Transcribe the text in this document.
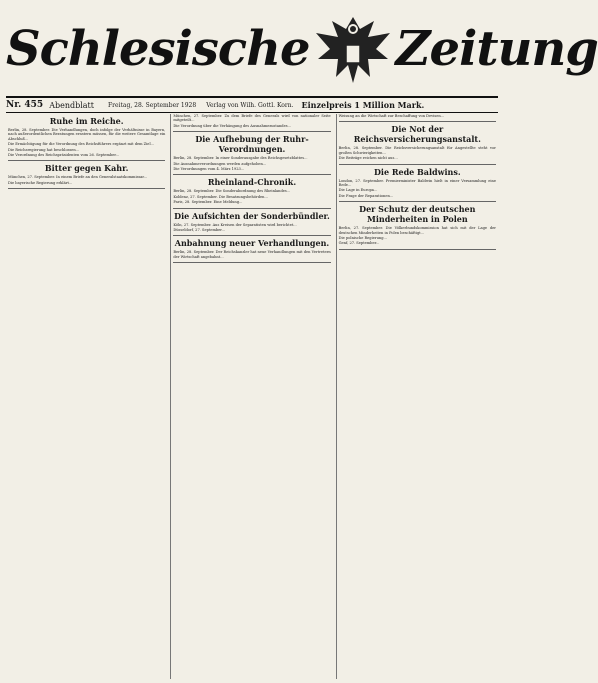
Schlesische Zeitung
Nr. 455 Abendblatt Freitag, 28. September 1928 Verlag von Wilh. Gottl. Korn. Einzelpreis 1 Million Mark.
Ruhe im Reiche.
Berlin, 28. September. Die Verhandlungen, doch infolge der Verhältnisse in Bayern, nach außerordentlichen Beratungen ernstern müssen, für die weitere Gesamtlage ein Abschluß...
Die Ermächtigung für die Verordnung des Reichsführers ergänzt mit dem Ziel...
Die Reichsregierung hat beschlossen...
Die Verordnung des Reichspräsidenten vom 26. September...
Bitter gegen Kahr.
München, 27. September. In einem Briefe an den Generalstaatskommissar...
Die bayerische Regierung erklärt...
München, 27. September. Zu dem Briefe des Generals wird von nationaler Seite mitgeteilt...
Die Verordnung über die Verhängung des Ausnahmezustandes...
Die Aufhebung der Ruhr-Verordnungen.
Berlin, 28. September. In einer Sonderausgabe des Reichsgesetzblattes...
Die Ausnahmeverordnungen werden aufgehoben...
Die Verordnungen vom 4. März 1923...
Rheinland-Chronik.
Berlin, 28. September. Die Sonderabordnung des Rheinlandes...
Koblenz, 27. September. Die Besatzungsbehörden...
Paris, 28. September. Eine Meldung...
Die Aufsichten der Sonderbündler.
Köln, 27. September. Aus Kreisen der Separatisten wird berichtet...
Düsseldorf, 27. September...
Anbahnung neuer Verhandlungen.
Berlin, 28. September. Der Reichskanzler hat neue Verhandlungen mit den Vertretern der Wirtschaft angebahnt...
Weisung an die Wirtschaft zur Beschaffung von Devisen...
Die Not der Reichsversicherungsanstalt.
Berlin, 28. September. Die Reichsversicherungsanstalt für Angestellte steht vor großen Schwierigkeiten...
Die Beiträge reichen nicht aus...
Die Rede Baldwins.
London, 27. September. Premierminister Baldwin hielt in einer Versammlung eine Rede...
Die Lage in Europa...
Die Frage der Reparationen...
Der Schutz der deutschen Minderheiten in Polen
Berlin, 27. September. Die Völkerbundskommission hat sich mit der Lage der deutschen Minderheiten in Polen beschäftigt...
Die polnische Regierung...
Genf, 27. September...
